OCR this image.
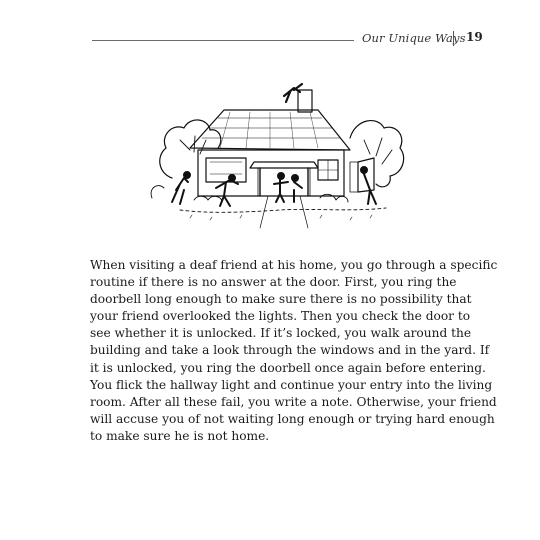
Our Unique Ways 19

When visiting a deaf friend at his home, you go through a specific
routine if there is no answer at the door. First, you ring the
doorbell long enough to make sure there is no possibility that
your friend overlooked the lights. Then you check the door to
see whether it is unlocked. If it’s locked, you walk around the
building and take a look through the windows and in the yard. If
it is unlocked, you ring the doorbell once again before entering.
You flick the hallway light and continue your entry into the living
room. After all these fail, you write a note. Otherwise, your friend
will accuse you of not waiting long enough or trying hard enough
to make sure he is not home.
